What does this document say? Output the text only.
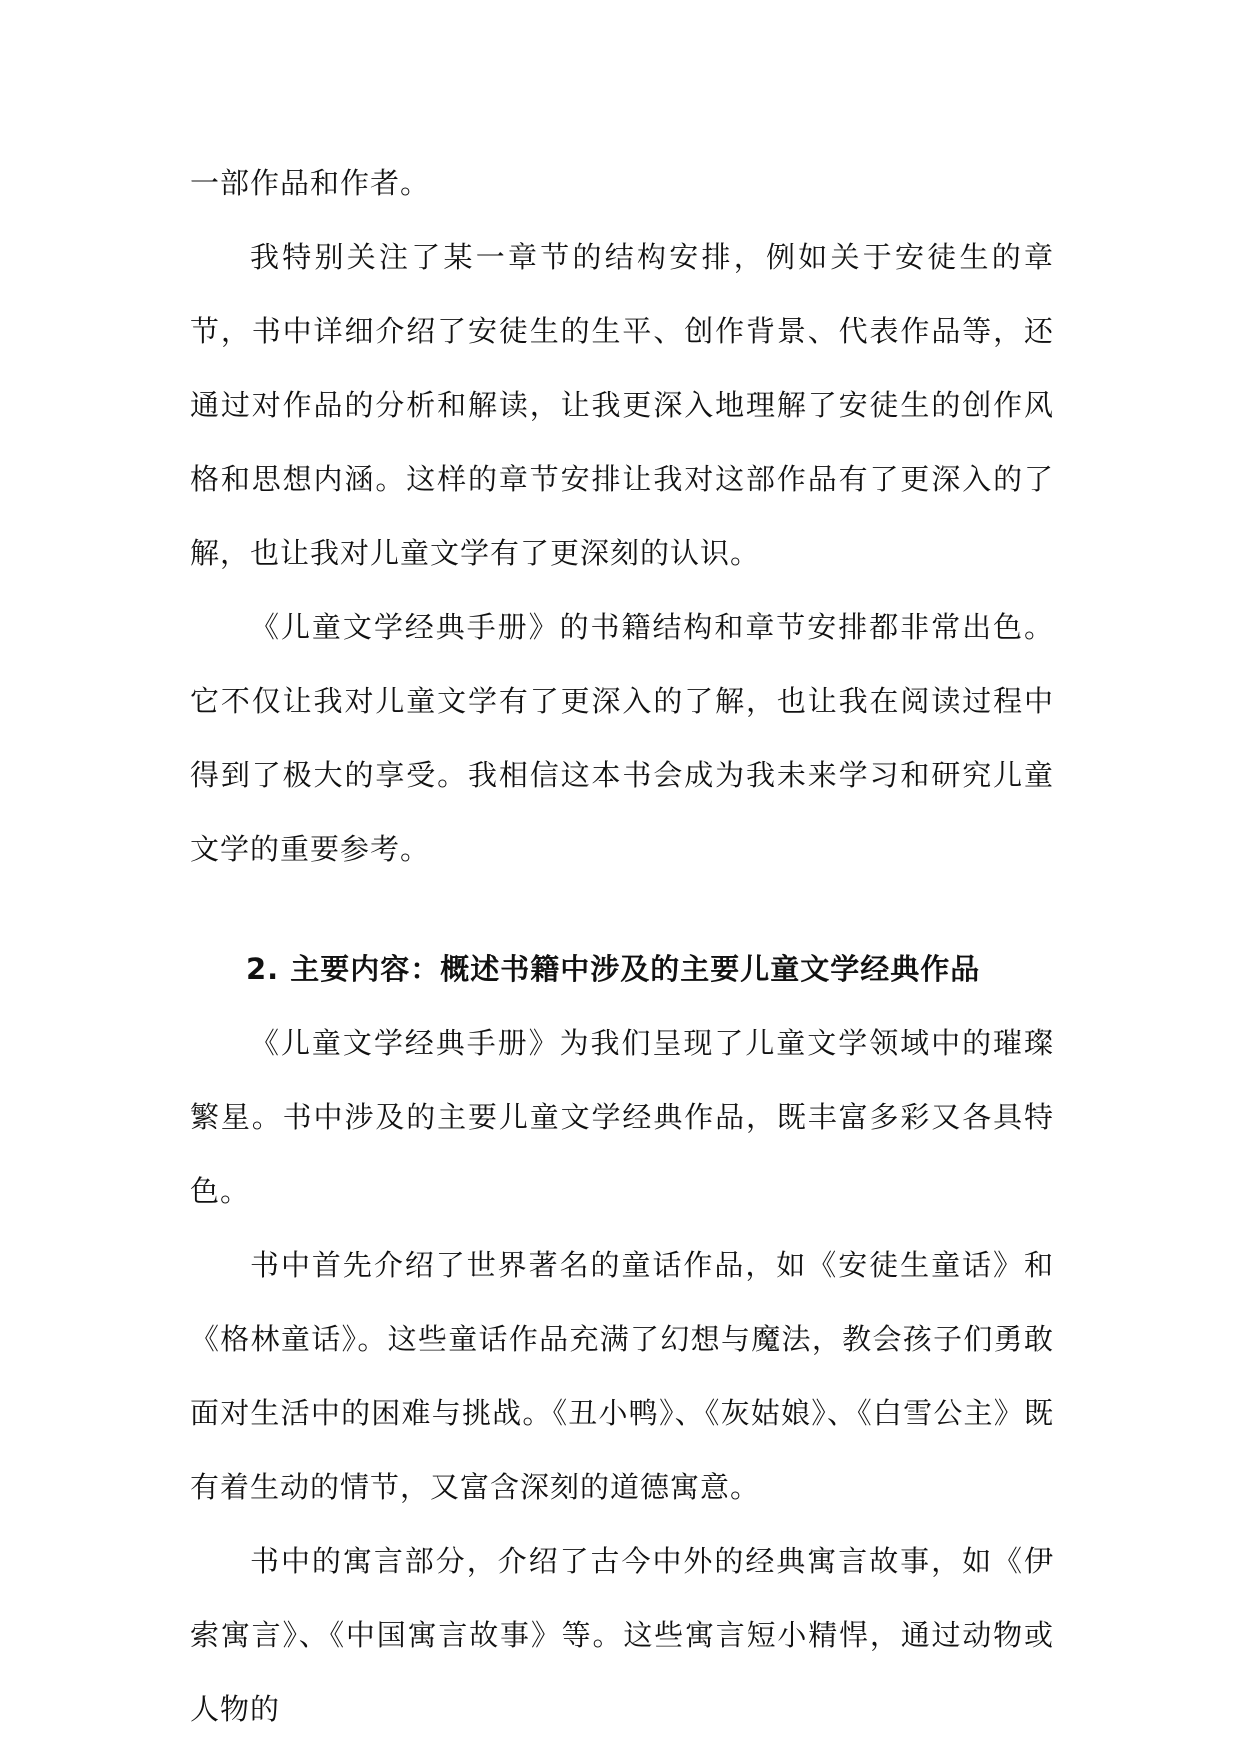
一部作品和作者。

我特别关注了某一章节的结构安排，例如关于安徒生的章节，书中详细介绍了安徒生的生平、创作背景、代表作品等，还通过对作品的分析和解读，让我更深入地理解了安徒生的创作风格和思想内涵。这样的章节安排让我对这部作品有了更深入的了解，也让我对儿童文学有了更深刻的认识。

《儿童文学经典手册》的书籍结构和章节安排都非常出色。它不仅让我对儿童文学有了更深入的了解，也让我在阅读过程中得到了极大的享受。我相信这本书会成为我未来学习和研究儿童文学的重要参考。

2. 主要内容：概述书籍中涉及的主要儿童文学经典作品

《儿童文学经典手册》为我们呈现了儿童文学领域中的璀璨繁星。书中涉及的主要儿童文学经典作品，既丰富多彩又各具特色。

书中首先介绍了世界著名的童话作品，如《安徒生童话》和《格林童话》。这些童话作品充满了幻想与魔法，教会孩子们勇敢面对生活中的困难与挑战。《丑小鸭》、《灰姑娘》、《白雪公主》既有着生动的情节，又富含深刻的道德寓意。

书中的寓言部分，介绍了古今中外的经典寓言故事，如《伊索寓言》、《中国寓言故事》等。这些寓言短小精悍，通过动物或人物的
